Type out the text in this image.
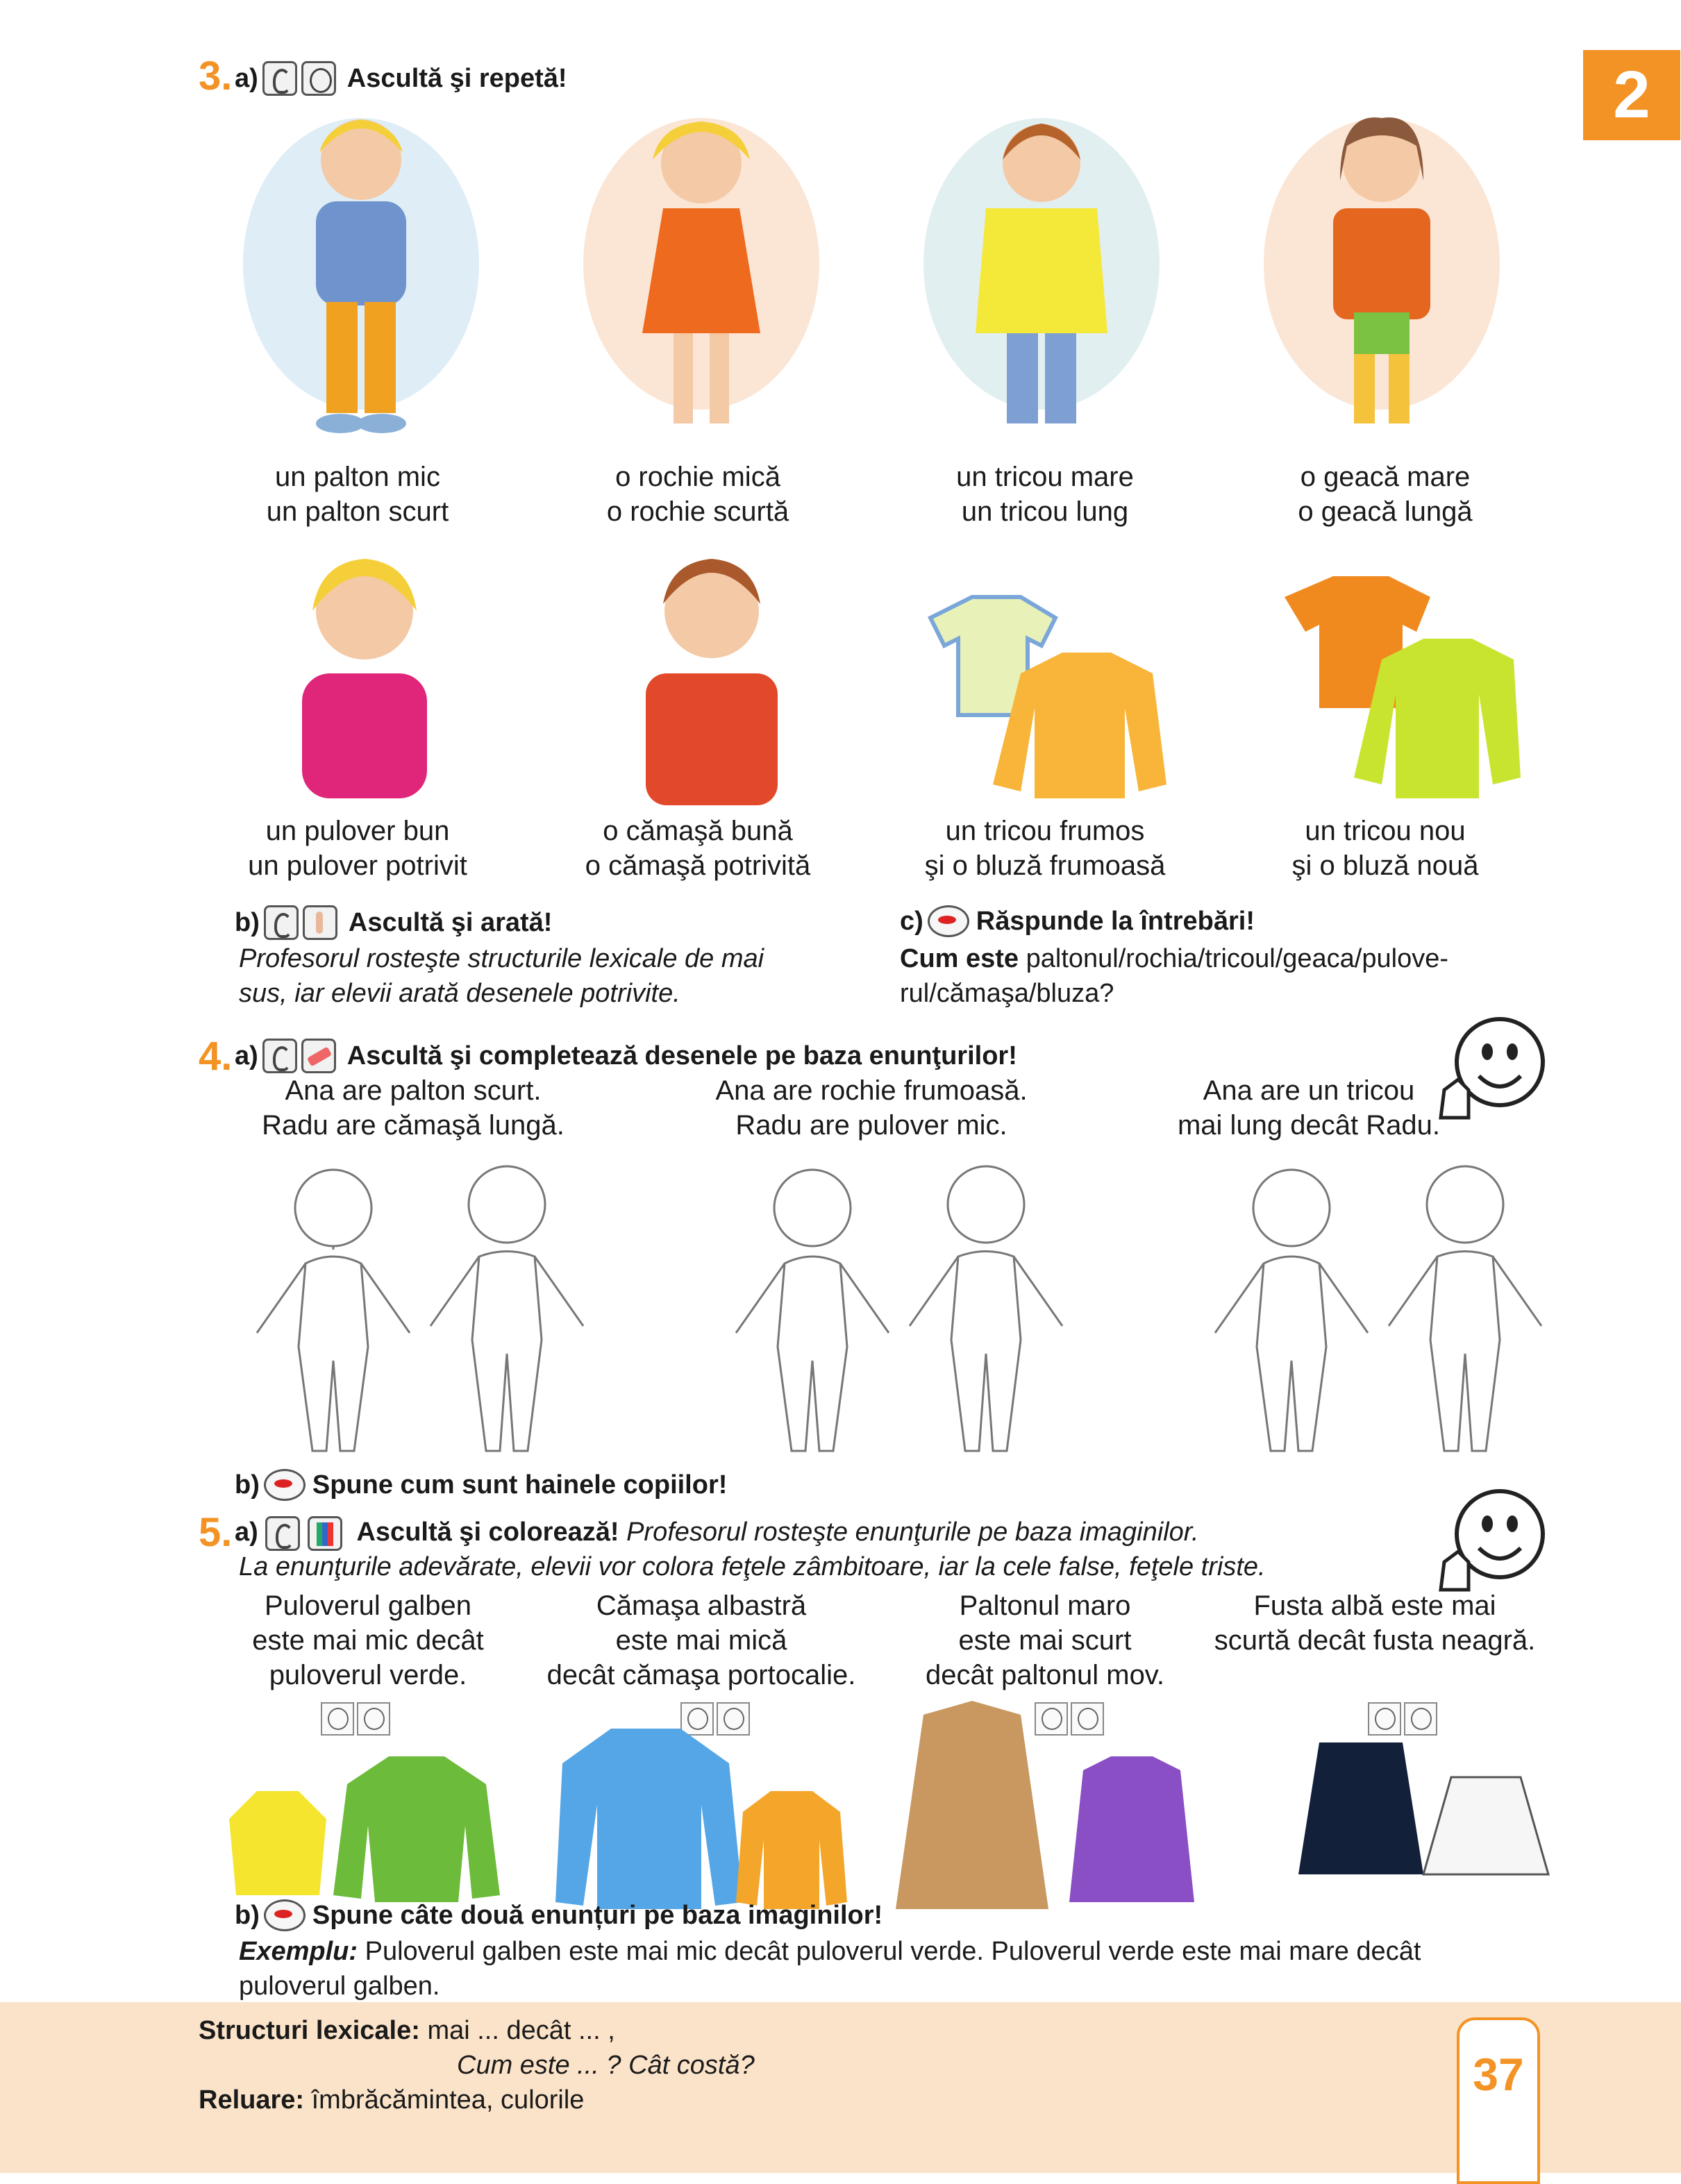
2
3. a)	Ascultă şi repetă!
un palton mic
un palton scurt
o rochie mică
o rochie scurtă
un tricou mare
un tricou lung
o geacă mare
o geacă lungă
un pulover bun
un pulover potrivit
o cămaşă bună
o cămaşă potrivită
un tricou frumos
şi o bluză frumoasă
un tricou nou
şi o bluză nouă
b)	Ascultă şi arată!
Profesorul rosteşte structurile lexicale de mai
sus, iar elevii arată desenele potrivite.
c) Răspunde la întrebări!
Cum este paltonul/rochia/tricoul/geaca/pulove-
rul/cămaşa/bluza?
4. a)	Ascultă şi completează desenele pe baza enunţurilor!
Ana are palton scurt.
Radu are cămaşă lungă.
Ana are rochie frumoasă.
Radu are pulover mic.
Ana are un tricou
mai lung decât Radu.
b) Spune cum sunt hainele copiilor!
5. a)	Ascultă şi colorează! Profesorul rosteşte enunţurile pe baza imaginilor.
La enunţurile adevărate, elevii vor colora feţele zâmbitoare, iar la cele false, feţele triste.
Puloverul galben
este mai mic decât
puloverul verde.
Cămaşa albastră
este mai mică
decât cămaşa portocalie.
Paltonul maro
este mai scurt
decât paltonul mov.
Fusta albă este mai
scurtă decât fusta neagră.
b) Spune câte două enunțuri pe baza imaginilor!
Exemplu: Puloverul galben este mai mic decât puloverul verde. Puloverul verde este mai mare decât
puloverul galben.
Structuri lexicale: mai ... decât ... ,
Cum este ... ? Cât costă?
Reluare: îmbrăcămintea, culorile	37
